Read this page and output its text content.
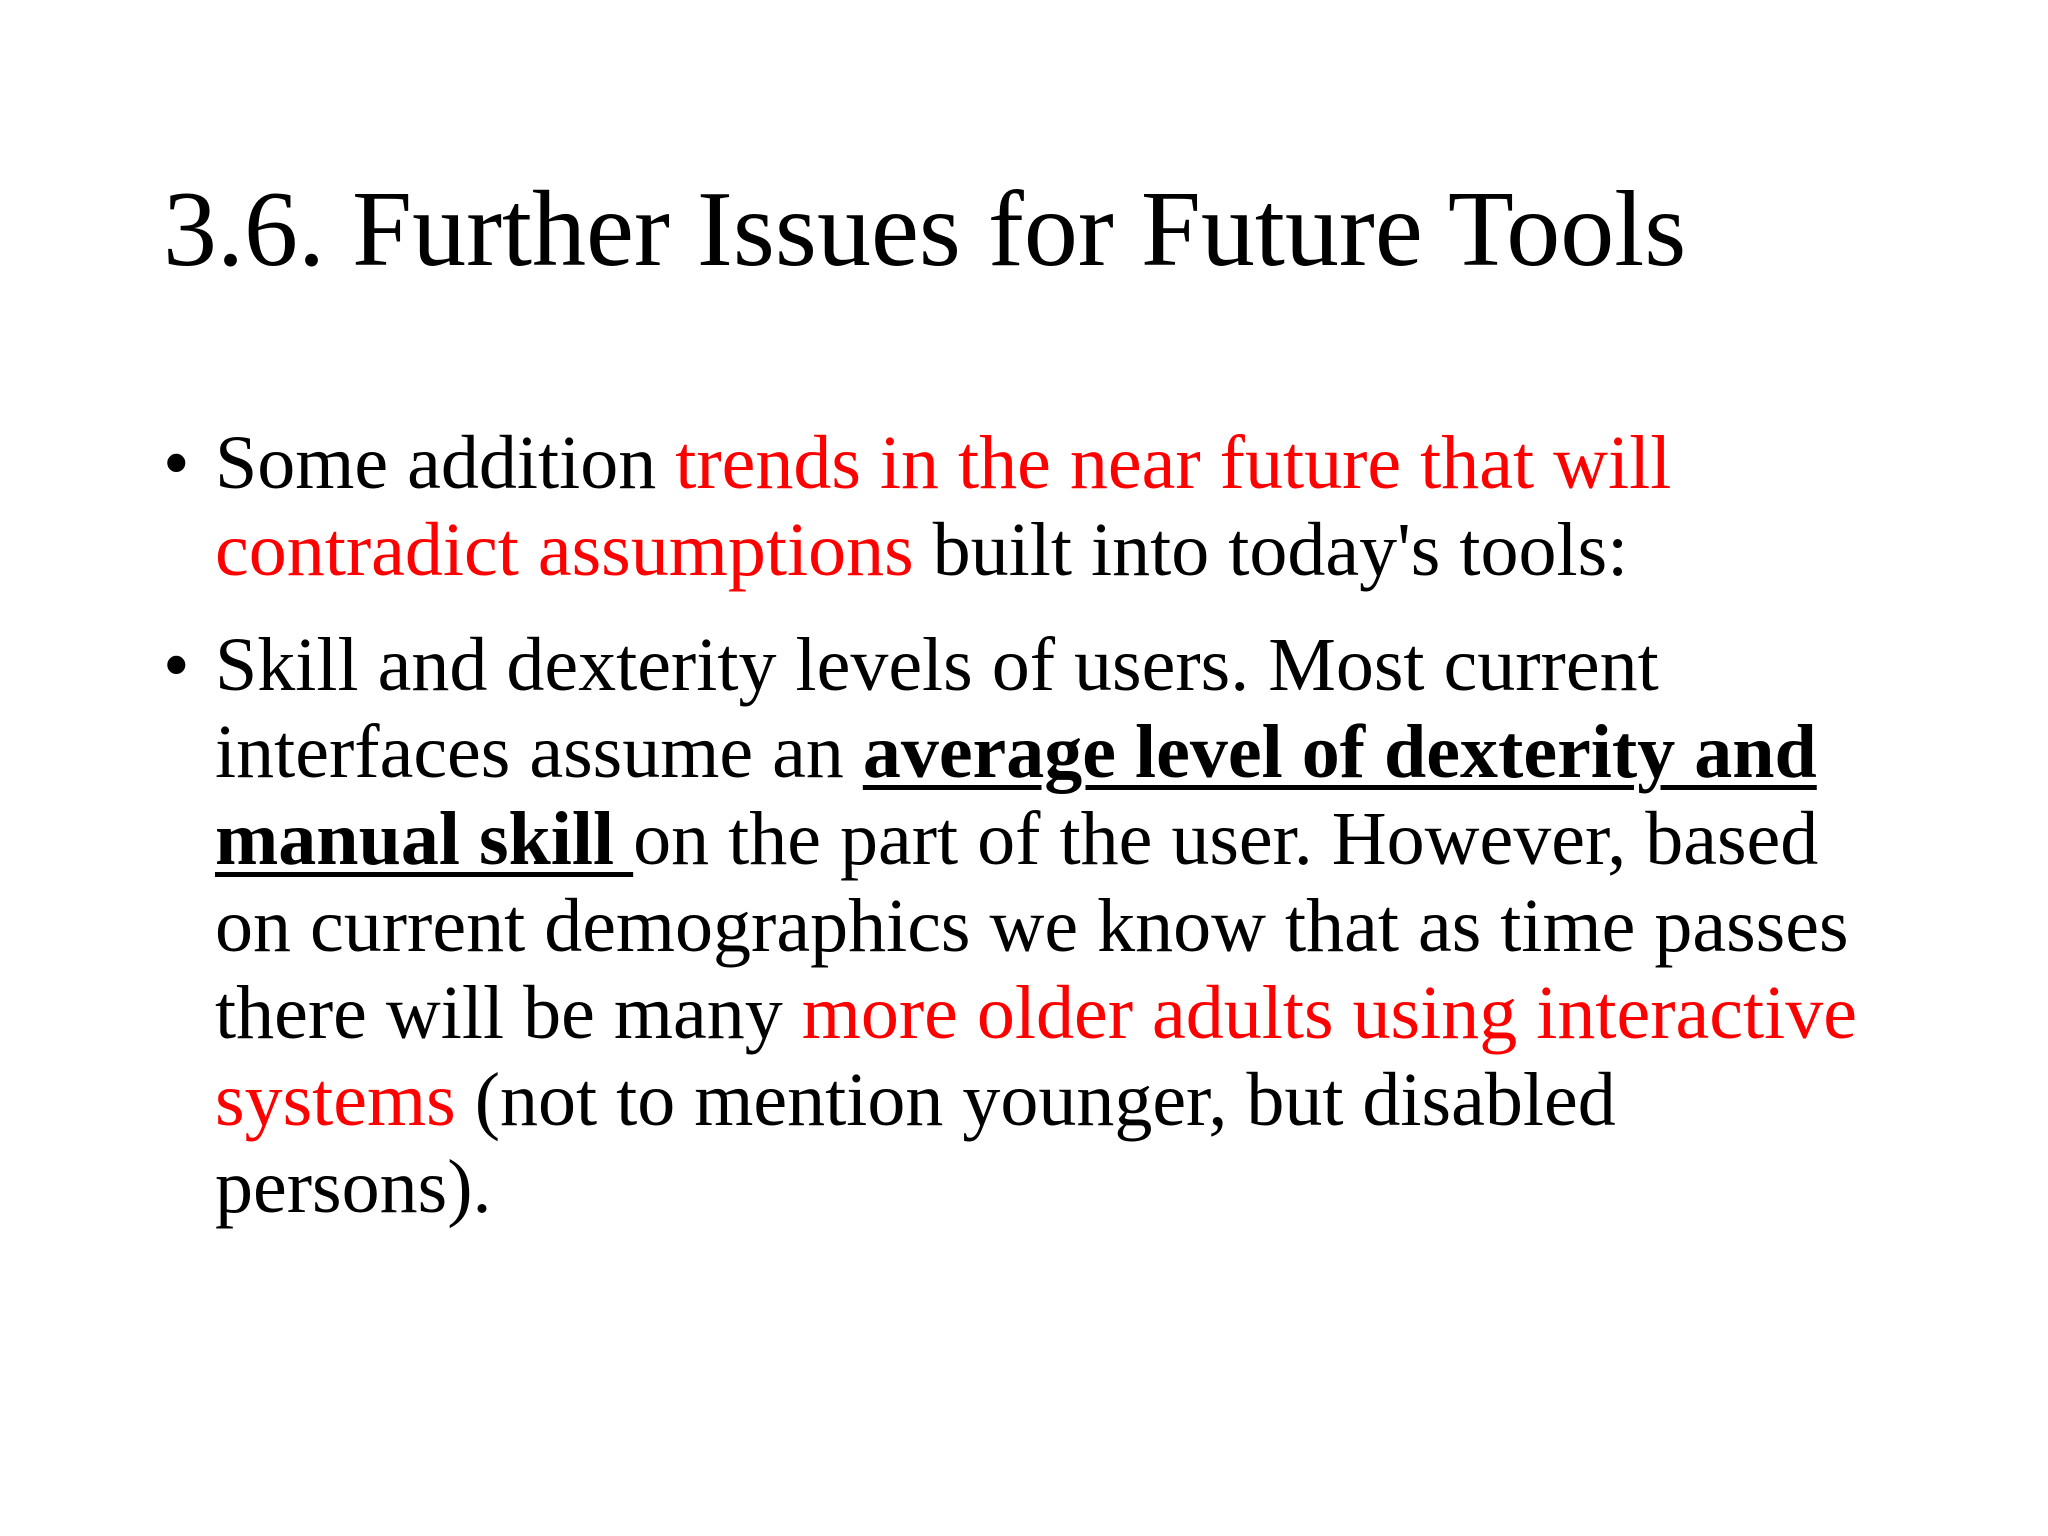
3.6. Further Issues for Future Tools
• Some addition trends in the near future that will contradict assumptions built into today's tools:
• Skill and dexterity levels of users. Most current interfaces assume an average level of dexterity and manual skill on the part of the user. However, based on current demographics we know that as time passes there will be many more older adults using interactive systems (not to mention younger, but disabled persons).
